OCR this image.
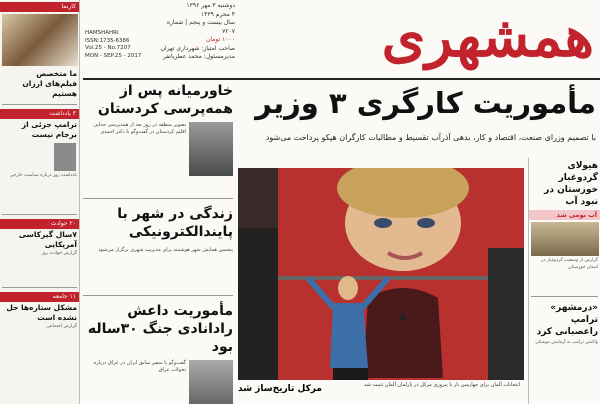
کارنما
ما متخصص فیلم‌های ارزان هستیم
۳ یادداشت
ترامپ جزئی از برجام نیست
یادداشت روز درباره سیاست خارجی
۲۰ حوادث
۷سال گیرکاسی آمریکایی
گزارش حوادث روز
۱۱ جامعه
مشکل ستاره‌ها حل نشده است
گزارش اجتماعی
دوشنبه ۳ مهر ۱۳۹۶
۴ محرم ۱۴۳۹
سال بیست و پنجم | شماره ۷۲۰۷
۱۰۰۰ تومان
صاحب امتیاز: شهرداری تهران
مدیرمسئول: محمد عطریانفر
HAMSHAHRI
ISSN:1735-6386
Vol.25 - No.7207
MON - SEP.25 - 2017	همشهری
مأموریت کارگری ۳ وزیر
با تصمیم وزرای صنعت، اقتصاد و کار، بدهی آذرآب تقسیط و مطالبات کارگران هپکو پرداخت می‌شود
خاورمیانه پس از همه‌پرسی کردستان
تصویر منطقه در روز بعد از همه‌پرسی جدایی اقلیم کردستان در گفت‌وگو با دکتر احمدی
زندگی در شهر با پایندالکترونیکی
پنجمین همایش شهر هوشمند برای مدیریت شهری برگزار می‌شود
مأموریت داعش رادانادی جنگ ۳۰ساله بود
گفت‌وگو با سفیر سابق ایران در عراق درباره تحولات عراق
انتخابات آلمان برای چهارمین بار با پیروزی مرکل در پارلمان آلمان تثبیت شد
مرکل تاریخ‌ساز شد
هیولای گردوغبار خوزستان در نبود آب
آب بومی شد
گزارش از وضعیت گردوغبار در استان خوزستان
«درمشهر» ترامپ راعصبانی کرد
واکنش ترامپ به آزمایش موشکی
